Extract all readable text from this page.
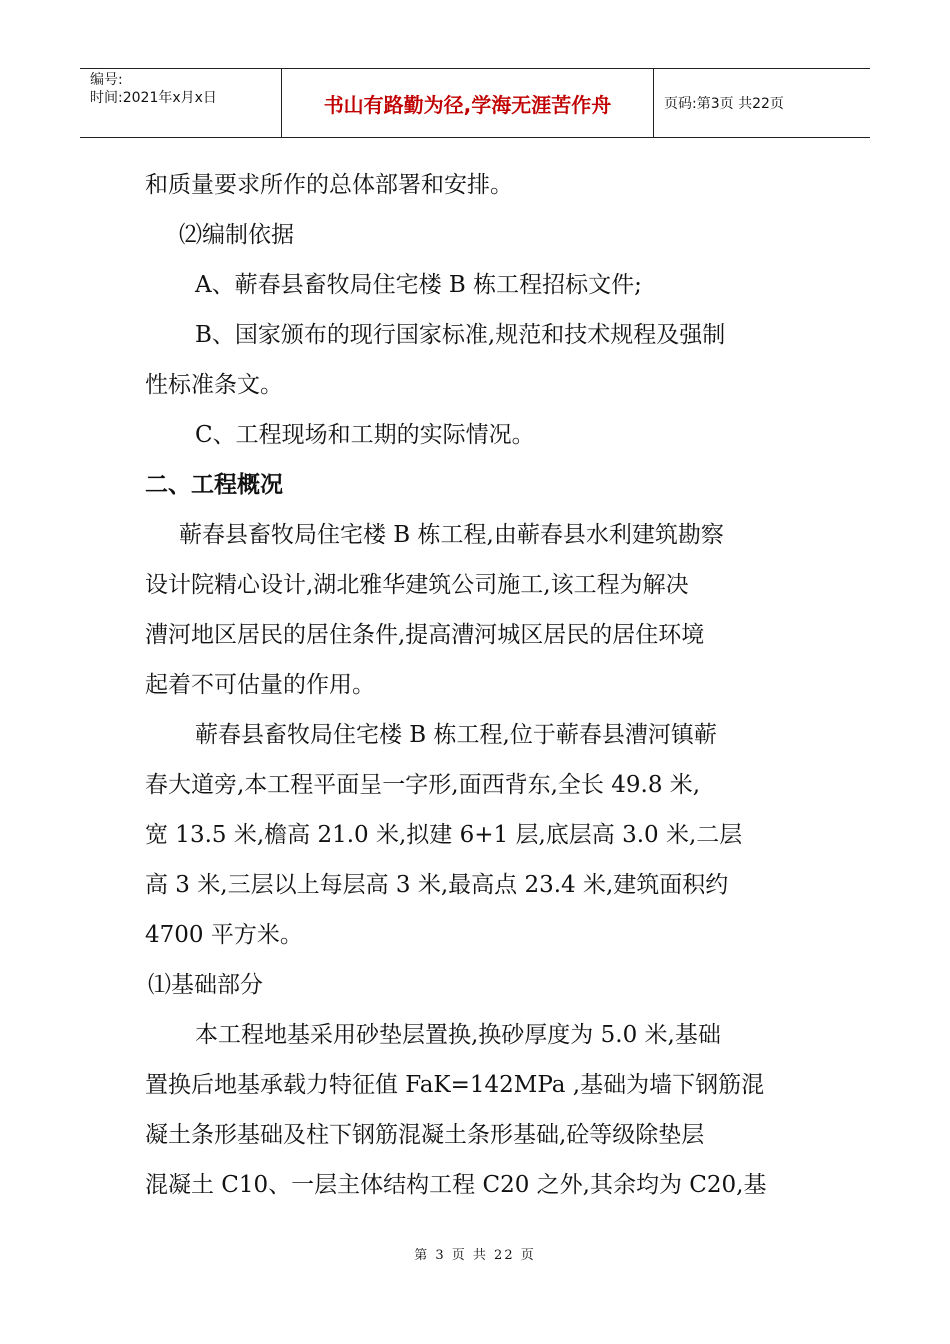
编号:
时间:2021年x月x日	书山有路勤为径,学海无涯苦作舟	页码:第3页 共22页
和质量要求所作的总体部署和安排。
⑵编制依据
A、蕲春县畜牧局住宅楼 B 栋工程招标文件;
B、国家颁布的现行国家标准,规范和技术规程及强制
性标准条文。
C、工程现场和工期的实际情况。
二、工程概况
蕲春县畜牧局住宅楼 B 栋工程,由蕲春县水利建筑勘察
设计院精心设计,湖北雅华建筑公司施工,该工程为解决
漕河地区居民的居住条件,提高漕河城区居民的居住环境
起着不可估量的作用。
蕲春县畜牧局住宅楼 B 栋工程,位于蕲春县漕河镇蕲
春大道旁,本工程平面呈一字形,面西背东,全长 49.8 米,
宽 13.5 米,檐高 21.0 米,拟建 6+1 层,底层高 3.0 米,二层
高 3 米,三层以上每层高 3 米,最高点 23.4 米,建筑面积约
4700 平方米。
⑴基础部分
本工程地基采用砂垫层置换,换砂厚度为 5.0 米,基础
置换后地基承载力特征值 FaK=142MPa ,基础为墙下钢筋混
凝土条形基础及柱下钢筋混凝土条形基础,砼等级除垫层
混凝土 C10、一层主体结构工程 C20 之外,其余均为 C20,基
第 3 页 共 22 页
